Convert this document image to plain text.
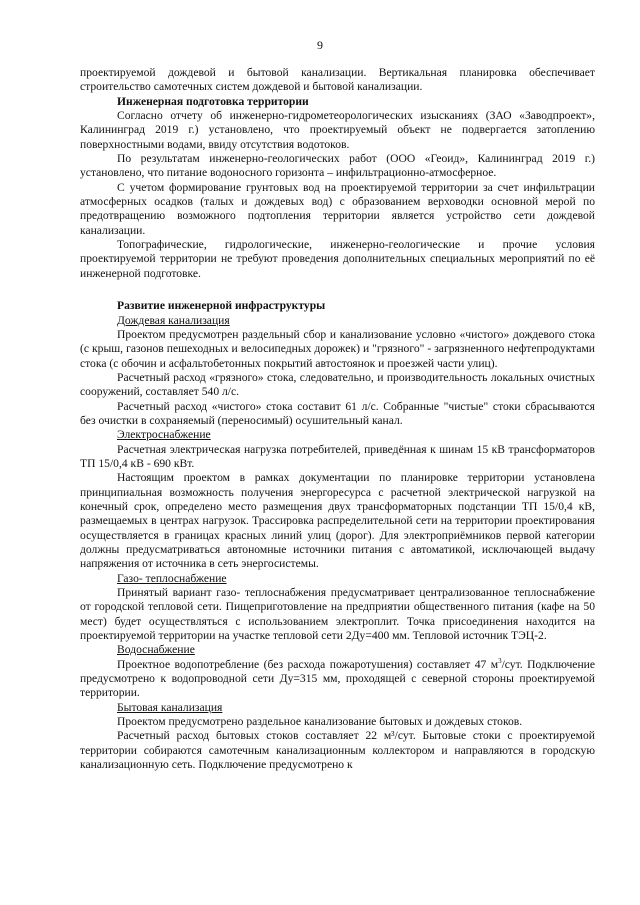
9

проектируемой дождевой и бытовой канализации. Вертикальная планировка обеспечивает строительство самотечных систем дождевой и бытовой канализации.

Инженерная подготовка территории

Согласно отчету об инженерно-гидрометеорологических изысканиях (ЗАО «Заводпроект», Калининград 2019 г.) установлено, что проектируемый объект не подвергается затоплению поверхностными водами, ввиду отсутствия водотоков.

По результатам инженерно-геологических работ (ООО «Геоид», Калининград 2019 г.) установлено, что питание водоносного горизонта – инфильтрационно-атмосферное.

С учетом формирование грунтовых вод на проектируемой территории за счет инфильтрации атмосферных осадков (талых и дождевых вод) с образованием верховодки основной мерой по предотвращению возможного подтопления территории является устройство сети дождевой канализации.

Топографические, гидрологические, инженерно-геологические и прочие условия проектируемой территории не требуют проведения дополнительных специальных мероприятий по её инженерной подготовке.

Развитие инженерной инфраструктуры

Дождевая канализация

Проектом предусмотрен раздельный сбор и канализование условно «чистого» дождевого стока (с крыш, газонов пешеходных и велосипедных дорожек) и "грязного" - загрязненного нефтепродуктами стока (с обочин и асфальтобетонных покрытий автостоянок и проезжей части улиц).

Расчетный расход «грязного» стока, следовательно, и производительность локальных очистных сооружений, составляет 540 л/с.

Расчетный расход «чистого» стока составит 61 л/с. Собранные "чистые" стоки сбрасываются без очистки в сохраняемый (переносимый) осушительный канал.

Электроснабжение

Расчетная электрическая нагрузка потребителей, приведённая к шинам 15 кВ трансформаторов ТП 15/0,4 кВ - 690 кВт.

Настоящим проектом в рамках документации по планировке территории установлена принципиальная возможность получения энергоресурса с расчетной электрической нагрузкой на конечный срок, определено место размещения двух трансформаторных подстанции ТП 15/0,4 кВ, размещаемых в центрах нагрузок. Трассировка распределительной сети на территории проектирования осуществляется в границах красных линий улиц (дорог). Для электроприёмников первой категории должны предусматриваться автономные источники питания с автоматикой, исключающей выдачу напряжения от источника в сеть энергосистемы.

Газо- теплоснабжение

Принятый вариант газо- теплоснабжения предусматривает централизованное теплоснабжение от городской тепловой сети. Пищеприготовление на предприятии общественного питания (кафе на 50 мест) будет осуществляться с использованием электроплит. Точка присоединения находится на проектируемой территории на участке тепловой сети 2Ду=400 мм. Тепловой источник ТЭЦ-2.

Водоснабжение

Проектное водопотребление (без расхода пожаротушения) составляет 47 $м^3$/сут. Подключение предусмотрено к водопроводной сети Ду=315 мм, проходящей с северной стороны проектируемой территории.

Бытовая канализация

Проектом предусмотрено раздельное канализование бытовых и дождевых стоков.

Расчетный расход бытовых стоков составляет 22 м³/сут. Бытовые стоки с проектируемой территории собираются самотечным канализационным коллектором и направляются в городскую канализационную сеть. Подключение предусмотрено к
